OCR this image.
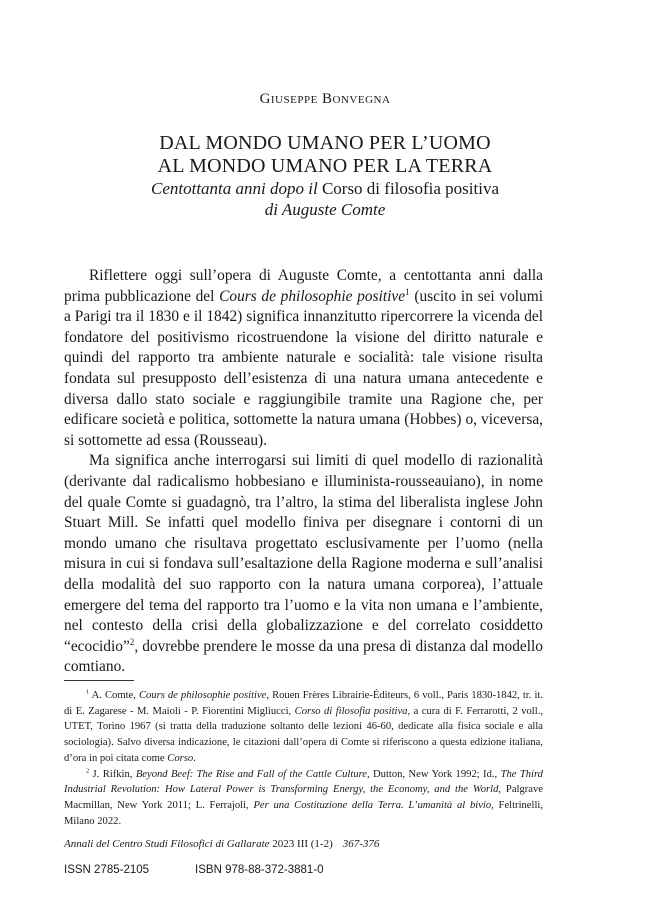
Giuseppe Bonvegna
DAL MONDO UMANO PER L’UOMO
AL MONDO UMANO PER LA TERRA
Centottanta anni dopo il Corso di filosofia positiva
di Auguste Comte

Riflettere oggi sull’opera di Auguste Comte, a centottanta anni dalla prima pubblicazione del Cours de philosophie positive$^1$ (uscito in sei volumi a Parigi tra il 1830 e il 1842) significa innanzitutto ripercorrere la vicenda del fondatore del positivismo ricostruendone la visione del diritto naturale e quindi del rapporto tra ambiente naturale e socialità: tale visione risulta fondata sul presupposto dell’esistenza di una natura umana antecedente e diversa dallo stato sociale e raggiungibile tramite una Ragione che, per edificare società e politica, sottomette la natura umana (Hobbes) o, viceversa, si sottomette ad essa (Rousseau).

Ma significa anche interrogarsi sui limiti di quel modello di razionalità (derivante dal radicalismo hobbesiano e illuminista-rousseauiano), in nome del quale Comte si guadagnò, tra l’altro, la stima del liberalista inglese John Stuart Mill. Se infatti quel modello finiva per disegnare i contorni di un mondo umano che risultava progettato esclusivamente per l’uomo (nella misura in cui si fondava sull’esaltazione della Ragione moderna e sull’analisi della modalità del suo rapporto con la natura umana corporea), l’attuale emergere del tema del rapporto tra l’uomo e la vita non umana e l’ambiente, nel contesto della crisi della globalizzazione e del correlato cosiddetto “ecocidio”$^2$, dovrebbe prendere le mosse da una presa di distanza dal modello comtiano.

$^1$ A. Comte, Cours de philosophie positive, Rouen Frères Librairie-Éditeurs, 6 voll., Paris 1830-1842, tr. it. di E. Zagarese - M. Maioli - P. Fiorentini Migliucci, Corso di filosofia positiva, a cura di F. Ferrarotti, 2 voll., UTET, Torino 1967 (si tratta della traduzione soltanto delle lezioni 46-60, dedicate alla fisica sociale e alla sociologia). Salvo diversa indicazione, le citazioni dall’opera di Comte si riferiscono a questa edizione italiana, d’ora in poi citata come Corso.

$^2$ J. Rifkin, Beyond Beef: The Rise and Fall of the Cattle Culture, Dutton, New York 1992; Id., The Third Industrial Revolution: How Lateral Power is Transforming Energy, the Economy, and the World, Palgrave Macmillan, New York 2011; L. Ferrajoli, Per una Costituzione della Terra. L’umanità al bivio, Feltrinelli, Milano 2022.

Annali del Centro Studi Filosofici di Gallarate 2023 III (1-2) 367-376
ISSN 2785-2105	ISBN 978-88-372-3881-0
